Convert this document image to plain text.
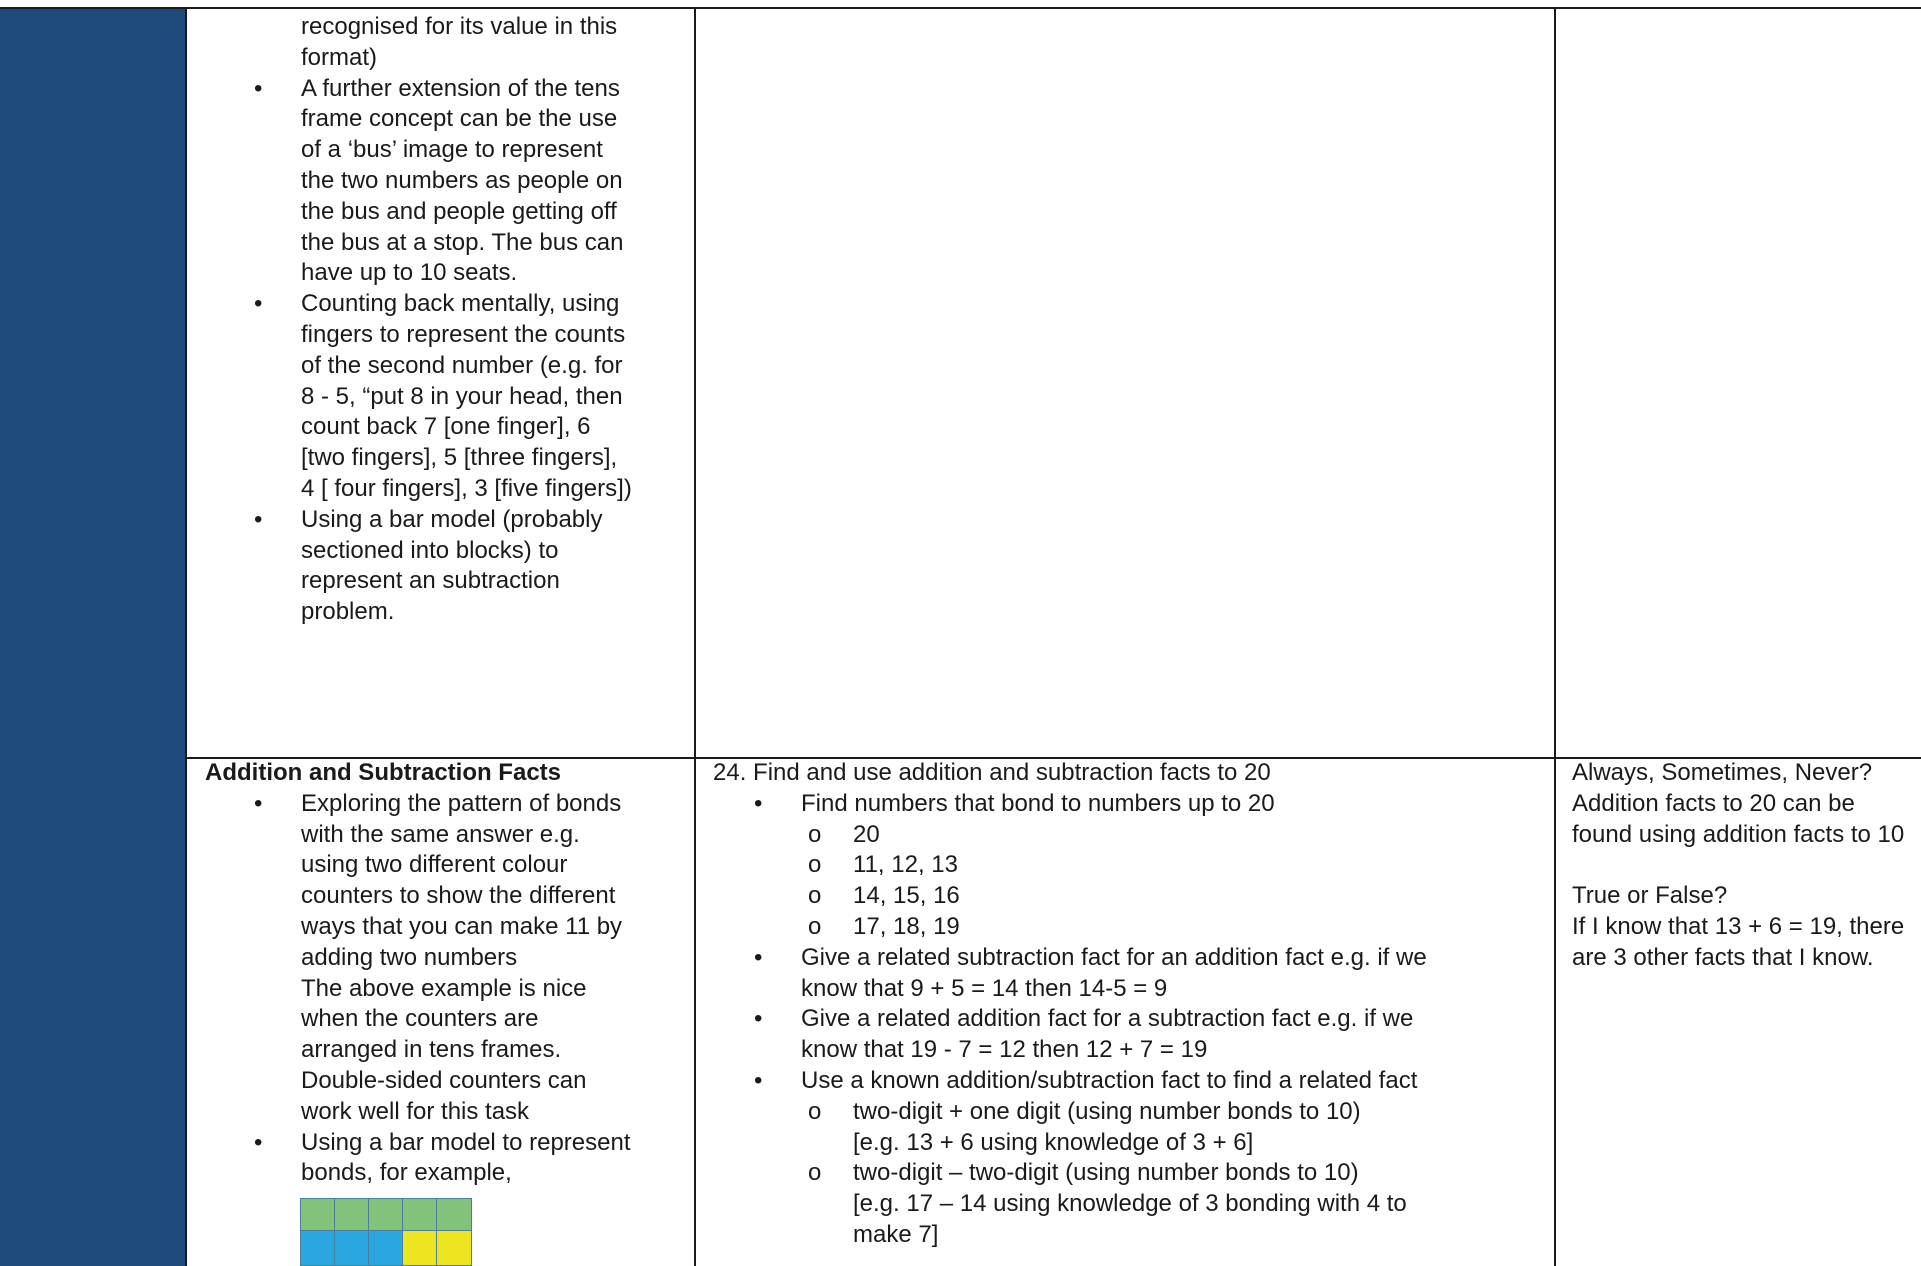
recognised for its value in this
format)
• A further extension of the tens
frame concept can be the use
of a ‘bus’ image to represent
the two numbers as people on
the bus and people getting off
the bus at a stop. The bus can
have up to 10 seats.
• Counting back mentally, using
fingers to represent the counts
of the second number (e.g. for
8 - 5, “put 8 in your head, then
count back 7 [one finger], 6
[two fingers], 5 [three fingers],
4 [ four fingers], 3 [five fingers])
• Using a bar model (probably
sectioned into blocks) to
represent an subtraction
problem.
Addition and Subtraction Facts
• Exploring the pattern of bonds
with the same answer e.g.
using two different colour
counters to show the different
ways that you can make 11 by
adding two numbers
The above example is nice
when the counters are
arranged in tens frames.
Double-sided counters can
work well for this task
• Using a bar model to represent
bonds, for example,
24. Find and use addition and subtraction facts to 20
• Find numbers that bond to numbers up to 20
o 20
o 11, 12, 13
o 14, 15, 16
o 17, 18, 19
• Give a related subtraction fact for an addition fact e.g. if we
know that 9 + 5 = 14 then 14-5 = 9
• Give a related addition fact for a subtraction fact e.g. if we
know that 19 - 7 = 12 then 12 + 7 = 19
• Use a known addition/subtraction fact to find a related fact
o two-digit + one digit (using number bonds to 10)
[e.g. 13 + 6 using knowledge of 3 + 6]
o two-digit – two-digit (using number bonds to 10)
[e.g. 17 – 14 using knowledge of 3 bonding with 4 to
make 7]
Always, Sometimes, Never?
Addition facts to 20 can be
found using addition facts to 10
True or False?
If I know that 13 + 6 = 19, there
are 3 other facts that I know.
